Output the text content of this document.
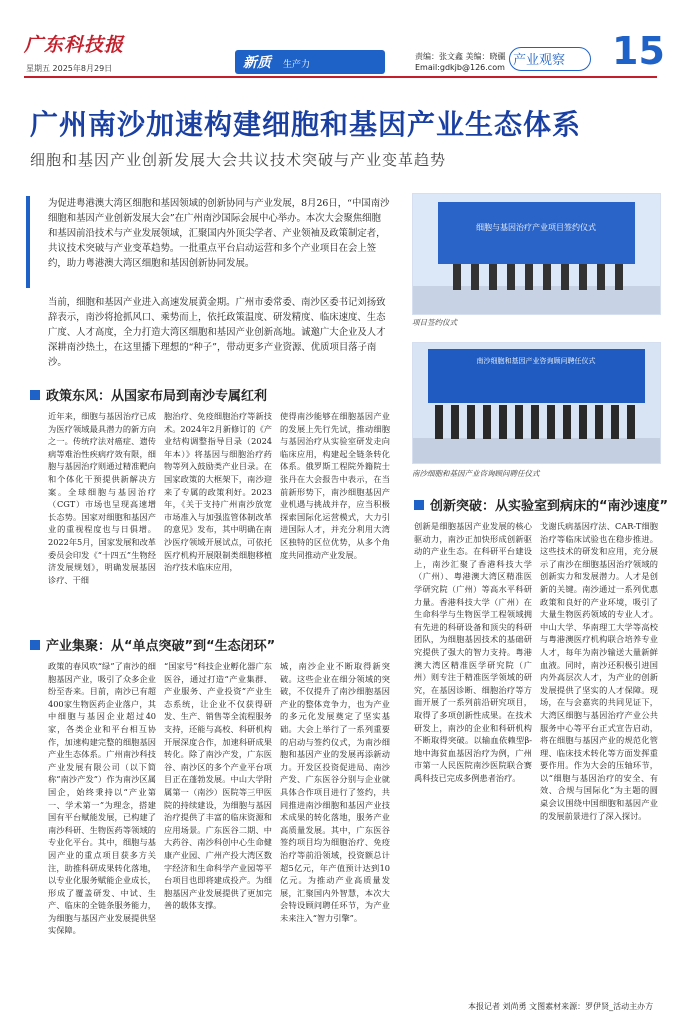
广东科技报
星期五 2025年8月29日	新质 生产力
责编：张文鑫 美编：晓疆
Email:gdkjb@126.com 产业观察 15
广州南沙加速构建细胞和基因产业生态体系
细胞和基因产业创新发展大会共议技术突破与产业变革趋势
为促进粤港澳大湾区细胞和基因领域的创新协同与产业发展，8月26日，“中国南沙细胞和基因产业创新发展大会”在广州南沙国际会展中心举办。本次大会聚焦细胞和基因前沿技术与产业发展领域，汇聚国内外顶尖学者、产业领袖及政策制定者，共议技术突破与产业变革趋势。一批重点平台启动运营和多个产业项目在会上签约，助力粤港澳大湾区细胞和基因创新协同发展。
当前，细胞和基因产业进入高速发展黄金期。广州市委常委、南沙区委书记刘扬致辞表示，南沙将抢抓风口、乘势而上，依托政策温度、研发精度、临床速度、生态广度、人才高度，全力打造大湾区细胞和基因产业创新高地。诚邀广大企业及人才深耕南沙热土，在这里播下理想的“种子”，带动更多产业资源、优质项目落子南沙。
细胞与基因治疗产业项目签约仪式
项目签约仪式
南沙细胞和基因产业咨询顾问聘任仪式
南沙细胞和基因产业咨询顾问聘任仪式
政策东风：从国家布局到南沙专属红利
近年来，细胞与基因治疗已成为医疗领域最具潜力的新方向之一。传统疗法对癌症、遗传病等难治性疾病疗效有限，细胞与基因治疗则通过精准靶向和个体化干预提供新解决方案。全球细胞与基因治疗（CGT）市场也呈现高速增长态势。国家对细胞和基因产业的重视程度也与日俱增。2022年5月，国家发展和改革委员会印发《“十四五”生物经济发展规划》，明确发展基因诊疗、干细
胞治疗、免疫细胞治疗等新技术。2024年2月新修订的《产业结构调整指导目录（2024年本）》将基因与细胞治疗药物等列入鼓励类产业目录。在国家政策的大框架下，南沙迎来了专属的政策利好。2023年，《关于支持广州南沙放宽市场准入与加强监管体制改革的意见》发布，其中明确在南沙医疗领域开展试点，可依托医疗机构开展限制类细胞移植治疗技术临床应用，
使得南沙能够在细胞基因产业的发展上先行先试，推动细胞与基因治疗从实验室研发走向临床应用，构建起全链条转化体系。俄罗斯工程院外籍院士张丹在大会报告中表示，在当前新形势下，南沙细胞基因产业机遇与挑战并存，应当积极探索国际化运营模式，大力引进国际人才，并充分利用大湾区独特的区位优势，从多个角度共同推动产业发展。
创新突破：从实验室到病床的“南沙速度”
产业集聚：从“单点突破”到“生态闭环”
政策的春风吹“绿”了南沙的细胞基因产业，吸引了众多企业纷至沓来。目前，南沙已有超400家生物医药企业落户，其中细胞与基因企业超过40家，各类企业和平台相互协作，加速构建完整的细胞基因产业生态体系。广州南沙科技产业发展有限公司（以下简称“南沙产发”）作为南沙区属国企，始终秉持以“产业第一、学术第一”为理念，搭建国有平台赋能发展，已构建了南沙科研、生物医药等领域的专业化平台。其中，细胞与基因产业的重点项目获多方关注，助推科研成果转化落地，以专业化服务赋能企业成长，形成了覆盖研发、中试、生产、临床的全链条服务能力，为细胞与基因产业发展提供坚实保障。
“国家号”科技企业孵化器广东医谷，通过打造“产业集群、产业服务、产业投资”产业生态系统，让企业不仅获得研发、生产、销售等全流程服务支持，还能与高校、科研机构开展深度合作，加速科研成果转化。除了南沙产发，广东医谷、南沙区的多个产业平台项目正在蓬勃发展。中山大学附属第一（南沙）医院等三甲医院的持续建设，为细胞与基因治疗提供了丰富的临床资源和应用场景。广东医谷二期、中大药谷、南沙科创中心生命健康产业园、广州产投大湾区数字经济和生命科学产业园等平台项目也即将建成投产。为细胞基因产业发展提供了更加完善的载体支撑。
城，南沙企业不断取得新突破。这些企业在细分领域的突破，不仅提升了南沙细胞基因产业的整体竞争力，也为产业的多元化发展奠定了坚实基础。大会上举行了一系列重要的启动与签约仪式，为南沙细胞和基因产业的发展再添新动力。开发区投资促进局、南沙产发、广东医谷分别与企业就具体合作项目进行了签约，共同推进南沙细胞和基因产业技术成果的转化落地，服务产业高质量发展。其中，广东医谷签约项目均为细胞治疗、免疫治疗等前沿领域，投资额总计超5亿元，年产值预计达到10亿元。为推动产业高质量发展，汇聚国内外智慧，本次大会特设顾问聘任环节，为产业未来注入“智力引擎”。
创新是细胞基因产业发展的核心驱动力，南沙正加快形成创新驱动的产业生态。在科研平台建设上，南沙汇聚了香港科技大学（广州）、粤港澳大湾区精准医学研究院（广州）等高水平科研力量。香港科技大学（广州）在生命科学与生物医学工程领域拥有先进的科研设备和顶尖的科研团队，为细胞基因技术的基础研究提供了强大的智力支持。粤港澳大湾区精准医学研究院（广州）则专注于精准医学领域的研究，在基因诊断、细胞治疗等方面开展了一系列前沿研究项目，取得了多项创新性成果。在技术研发上，南沙的企业和科研机构不断取得突破。以输血依赖型β-地中海贫血基因治疗为例，广州市第一人民医院南沙医院联合赛禹科技已完成多例患者治疗。
戈谢氏病基因疗法、CAR-T细胞治疗等临床试验也在稳步推进。这些技术的研发和应用，充分展示了南沙在细胞基因治疗领域的创新实力和发展潜力。人才是创新的关键。南沙通过一系列优惠政策和良好的产业环境，吸引了大量生物医药领域的专业人才。中山大学、华南理工大学等高校与粤港澳医疗机构联合培养专业人才，每年为南沙输送大量新鲜血液。同时，南沙还积极引进国内外高层次人才，为产业的创新发展提供了坚实的人才保障。现场，在与会嘉宾的共同见证下，大湾区细胞与基因治疗产业公共服务中心等平台正式宣告启动，将在细胞与基因产业的规范化管理、临床技术转化等方面发挥重要作用。作为大会的压轴环节，以“细胞与基因治疗的安全、有效、合规与国际化”为主题的圆桌会议围绕中国细胞和基因产业的发展前景进行了深入探讨。
本报记者 刘尚勇 文图素材来源：罗伊贤_活动主办方
